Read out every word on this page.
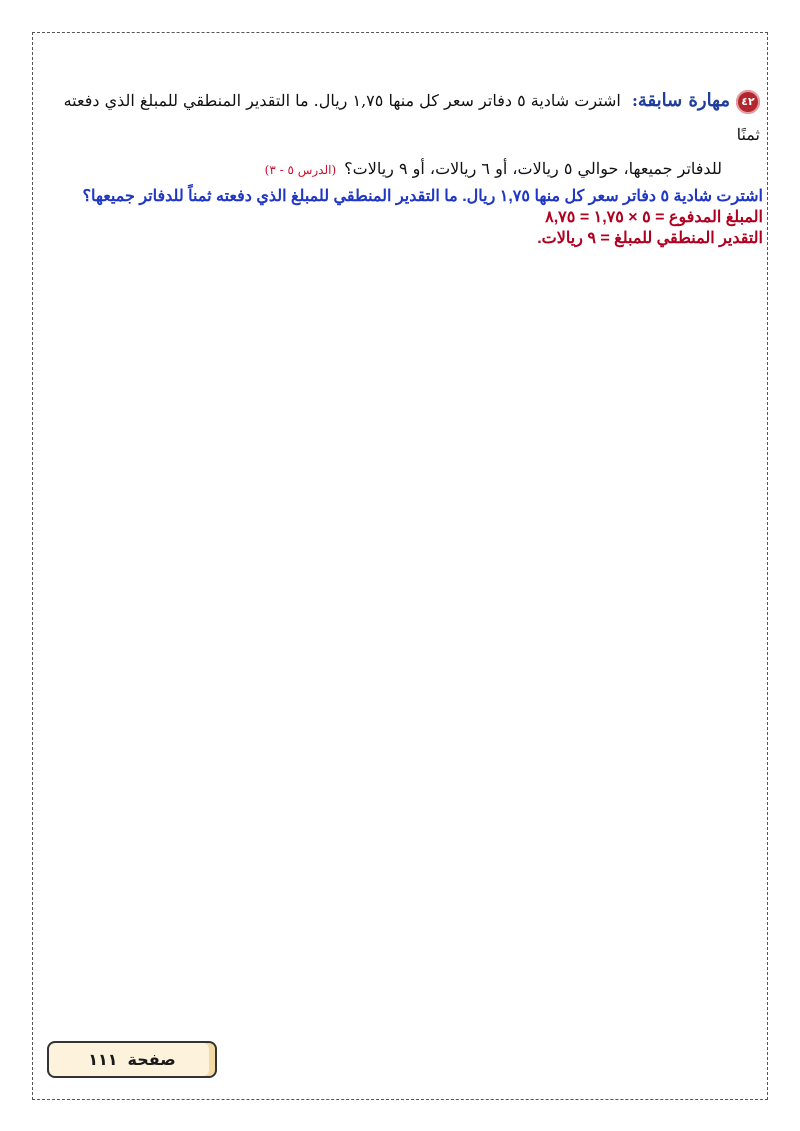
٤٢مهارة سابقة: اشترت شادية ٥ دفاتر سعر كل منها ١,٧٥ ريال. ما التقدير المنطقي للمبلغ الذي دفعته ثمنًا
للدفاتر جميعها، حوالي ٥ ريالات، أو ٦ ريالات، أو ٩ ريالات؟(الدرس ٥ - ٣)
اشترت شادية ٥ دفاتر سعر كل منها ١,٧٥ ريال. ما التقدير المنطقي للمبلغ الذي دفعته ثمناً للدفاتر جميعها؟
المبلغ المدفوع = ٥ × ١,٧٥ = ٨,٧٥
التقدير المنطقي للمبلغ = ٩ ريالات.
صفحة١١١
